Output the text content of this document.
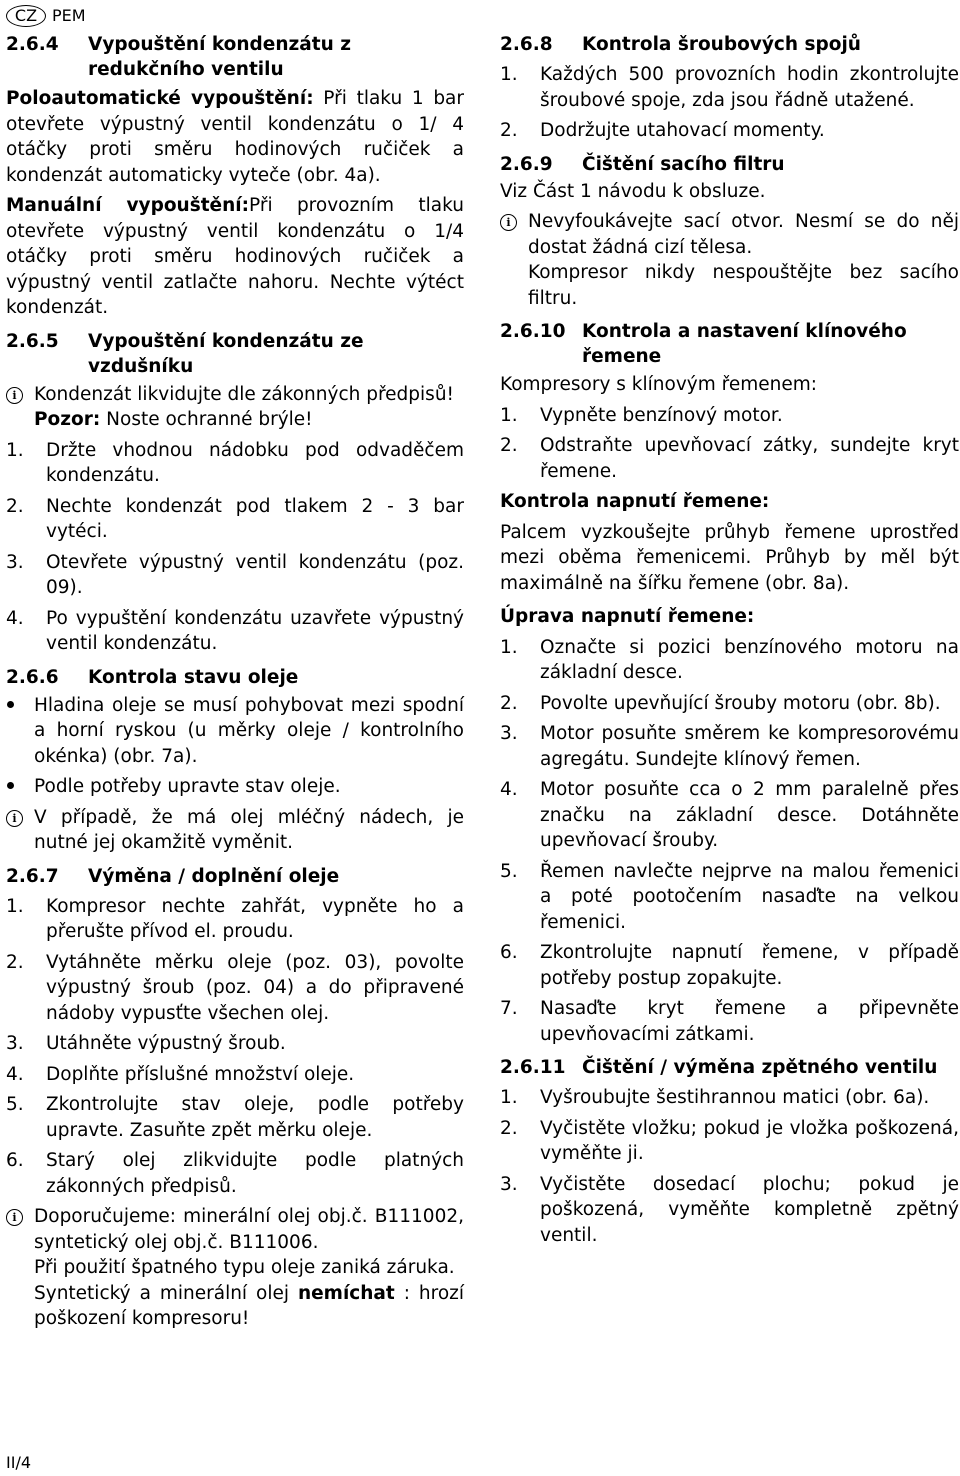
CZ PEM
2.6.4	Vypouštění kondenzátu z redukčního ventilu

Poloautomatické vypouštění: Při tlaku 1 bar otevřete výpustný ventil kondenzátu o 1/ 4 otáčky proti směru hodinových ručiček a kondenzát automaticky vyteče (obr. 4a).

Manuální vypouštění:Při provozním tlaku otevřete výpustný ventil kondenzátu o 1/4 otáčky proti směru hodinových ručiček a výpustný ventil zatlačte nahoru. Nechte výtéct kondenzát.

2.6.5	Vypouštění kondenzátu ze vzdušníku
i Kondenzát likvidujte dle zákonných předpisů!
Pozor: Noste ochranné brýle!
1.	Držte vhodnou nádobku pod odvaděčem kondenzátu.
2.	Nechte kondenzát pod tlakem 2 - 3 bar vytéci.
3.	Otevřete výpustný ventil kondenzátu (poz. 09).
4.	Po vypuštění kondenzátu uzavřete výpustný ventil kondenzátu.
2.6.6	Kontrola stavu oleje
Hladina oleje se musí pohybovat mezi spodní a horní ryskou (u měrky oleje / kontrolního okénka) (obr. 7a).
Podle potřeby upravte stav oleje.
i V případě, že má olej mléčný nádech, je nutné jej okamžitě vyměnit.
2.6.7	Výměna / doplnění oleje
1.	Kompresor nechte zahřát, vypněte ho a přerušte přívod el. proudu.
2.	Vytáhněte měrku oleje (poz. 03), povolte výpustný šroub (poz. 04) a do připravené nádoby vypusťte všechen olej.
3.	Utáhněte výpustný šroub.
4.	Doplňte příslušné množství oleje.
5.	Zkontrolujte stav oleje, podle potřeby upravte. Zasuňte zpět měrku oleje.
6.	Starý olej zlikvidujte podle platných zákonných předpisů.
i Doporučujeme: minerální olej obj.č. B111002, syntetický olej obj.č. B111006.

Při použití špatného typu oleje zaniká záruka.

Syntetický a minerální olej nemíchat : hrozí poškození kompresoru!

2.6.8	Kontrola šroubových spojů
1.	Každých 500 provozních hodin zkontrolujte šroubové spoje, zda jsou řádně utažené.
2.	Dodržujte utahovací momenty.
2.6.9	Čištění sacího filtru

Viz Část 1 návodu k obsluze.

i Nevyfoukávejte sací otvor. Nesmí se do něj dostat žádná cizí tělesa.

Kompresor nikdy nespouštějte bez sacího filtru.

2.6.10 Kontrola a nastavení klínového řemene

Kompresory s klínovým řemenem:

1.	Vypněte benzínový motor.
2.	Odstraňte upevňovací zátky, sundejte kryt řemene.

Kontrola napnutí řemene:

Palcem vyzkoušejte průhyb řemene uprostřed mezi oběma řemenicemi. Průhyb by měl být maximálně na šířku řemene (obr. 8a).

Úprava napnutí řemene:

1.	Označte si pozici benzínového motoru na základní desce.
2.	Povolte upevňující šrouby motoru (obr. 8b).
3.	Motor posuňte směrem ke kompresorovému agregátu. Sundejte klínový řemen.
4.	Motor posuňte cca o 2 mm paralelně přes značku na základní desce. Dotáhněte upevňovací šrouby.
5.	Řemen navlečte nejprve na malou řemenici a poté pootočením nasaďte na velkou řemenici.
6.	Zkontrolujte napnutí řemene, v případě potřeby postup zopakujte.
7.	Nasaďte kryt řemene a připevněte upevňovacími zátkami.
2.6.11 Čištění / výměna zpětného ventilu
1.	Vyšroubujte šestihrannou matici (obr. 6a).
2.	Vyčistěte vložku; pokud je vložka poškozená, vyměňte ji.
3.	Vyčistěte dosedací plochu; pokud je poškozená, vyměňte kompletně zpětný ventil.
II/4
